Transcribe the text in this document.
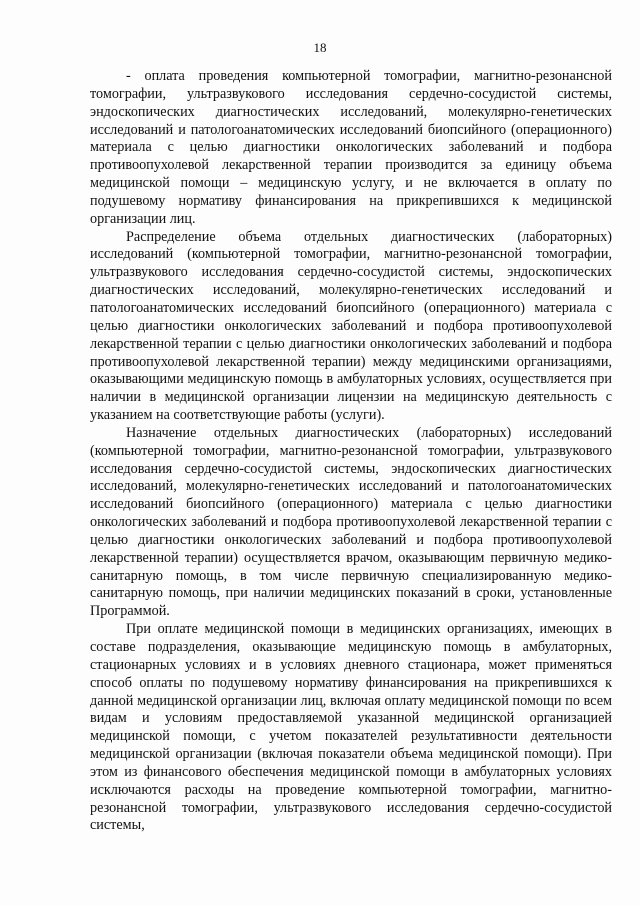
18

- оплата проведения компьютерной томографии, магнитно-резонансной томографии, ультразвукового исследования сердечно-сосудистой системы, эндоскопических диагностических исследований, молекулярно-генетических исследований и патологоанатомических исследований биопсийного (операционного) материала с целью диагностики онкологических заболеваний и подбора противоопухолевой лекарственной терапии производится за единицу объема медицинской помощи – медицинскую услугу, и не включается в оплату по подушевому нормативу финансирования на прикрепившихся к медицинской организации лиц.

Распределение объема отдельных диагностических (лабораторных) исследований (компьютерной томографии, магнитно-резонансной томографии, ультразвукового исследования сердечно-сосудистой системы, эндоскопических диагностических исследований, молекулярно-генетических исследований и патологоанатомических исследований биопсийного (операционного) материала с целью диагностики онкологических заболеваний и подбора противоопухолевой лекарственной терапии с целью диагностики онкологических заболеваний и подбора противоопухолевой лекарственной терапии) между медицинскими организациями, оказывающими медицинскую помощь в амбулаторных условиях, осуществляется при наличии в медицинской организации лицензии на медицинскую деятельность с указанием на соответствующие работы (услуги).

Назначение отдельных диагностических (лабораторных) исследований (компьютерной томографии, магнитно-резонансной томографии, ультразвукового исследования сердечно-сосудистой системы, эндоскопических диагностических исследований, молекулярно-генетических исследований и патологоанатомических исследований биопсийного (операционного) материала с целью диагностики онкологических заболеваний и подбора противоопухолевой лекарственной терапии с целью диагностики онкологических заболеваний и подбора противоопухолевой лекарственной терапии) осуществляется врачом, оказывающим первичную медико-санитарную помощь, в том числе первичную специализированную медико-санитарную помощь, при наличии медицинских показаний в сроки, установленные Программой.

При оплате медицинской помощи в медицинских организациях, имеющих в составе подразделения, оказывающие медицинскую помощь в амбулаторных, стационарных условиях и в условиях дневного стационара, может применяться способ оплаты по подушевому нормативу финансирования на прикрепившихся к данной медицинской организации лиц, включая оплату медицинской помощи по всем видам и условиям предоставляемой указанной медицинской организацией медицинской помощи, с учетом показателей результативности деятельности медицинской организации (включая показатели объема медицинской помощи). При этом из финансового обеспечения медицинской помощи в амбулаторных условиях исключаются расходы на проведение компьютерной томографии, магнитно-резонансной томографии, ультразвукового исследования сердечно-сосудистой системы,
